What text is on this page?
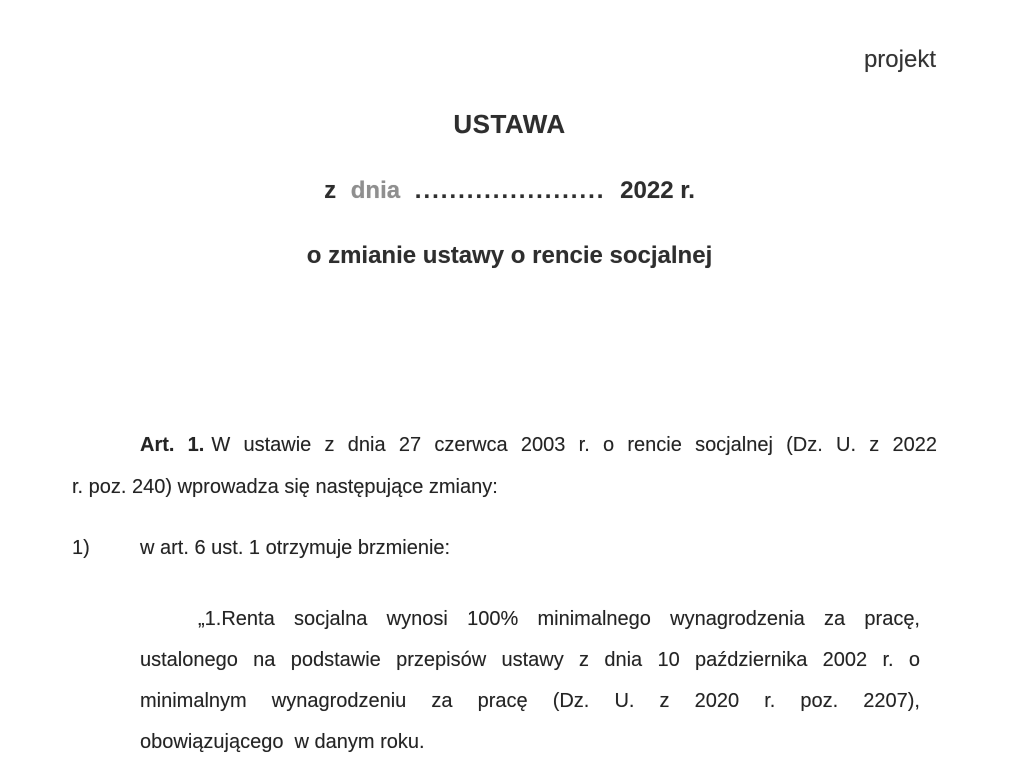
projekt
USTAWA
z dnia ...................... 2022 r.
o zmianie ustawy o rencie socjalnej
Art. 1. W ustawie z dnia 27 czerwca 2003 r. o rencie socjalnej (Dz. U. z 2022
r. poz. 240) wprowadza się następujące zmiany:
1)	w art. 6 ust. 1 otrzymuje brzmienie:
„1.Renta socjalna wynosi 100% minimalnego wynagrodzenia za pracę,
ustalonego na podstawie przepisów ustawy z dnia 10 października 2002 r. o
minimalnym wynagrodzeniu za pracę (Dz. U. z 2020 r. poz. 2207),
obowiązującego  w danym roku.
